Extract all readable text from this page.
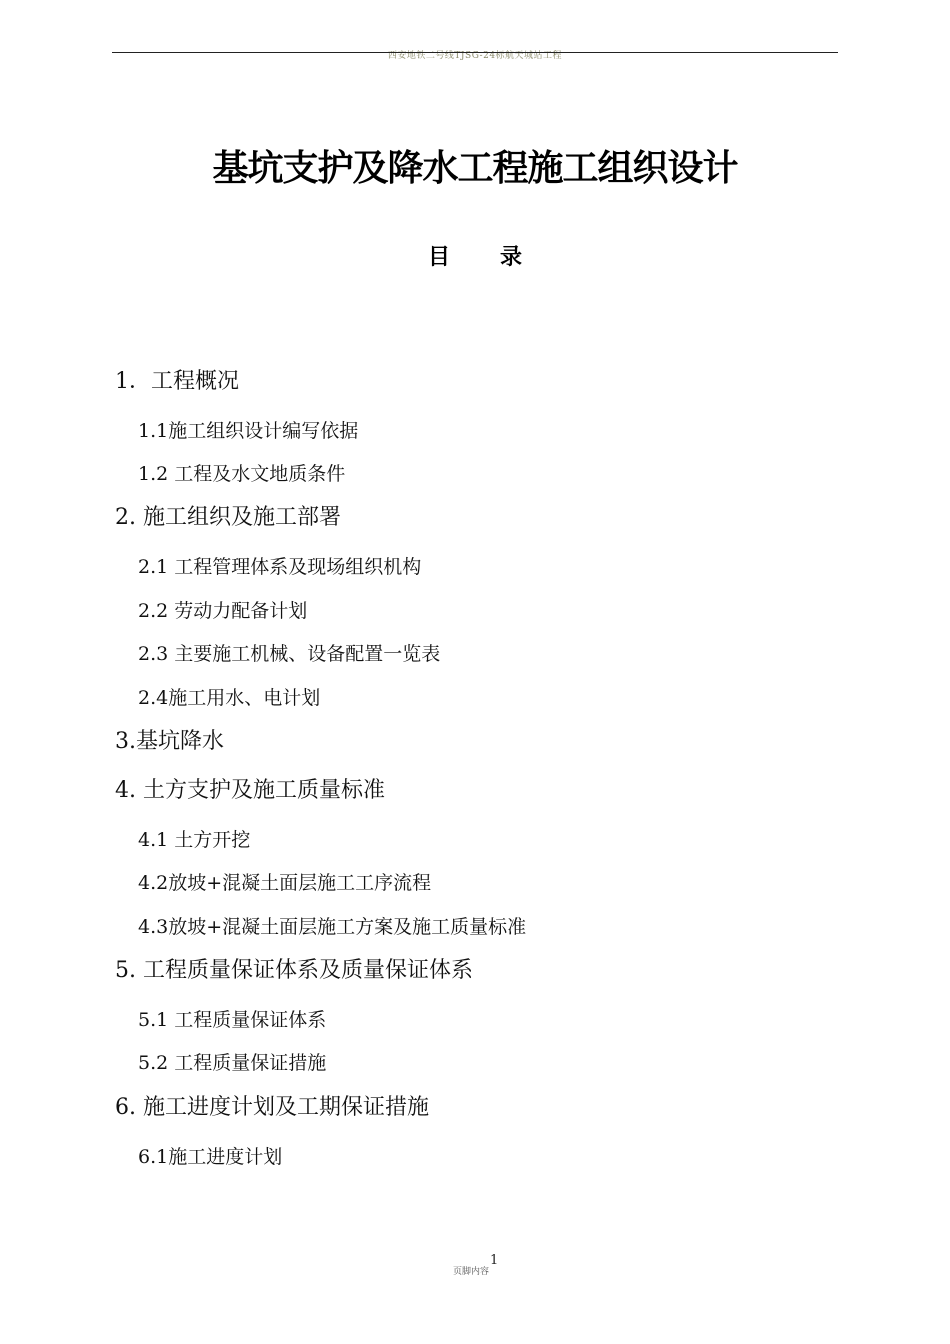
西安地铁二号线TJSG-24标航天城站工程
基坑支护及降水工程施工组织设计
目 录
1．工程概况
1.1施工组织设计编写依据
1.2 工程及水文地质条件
2. 施工组织及施工部署
2.1 工程管理体系及现场组织机构
2.2 劳动力配备计划
2.3 主要施工机械、设备配置一览表
2.4施工用水、电计划
3.基坑降水
4. 土方支护及施工质量标准
4.1 土方开挖
4.2放坡+混凝土面层施工工序流程
4.3放坡+混凝土面层施工方案及施工质量标准
5. 工程质量保证体系及质量保证体系
5.1 工程质量保证体系
5.2 工程质量保证措施
6. 施工进度计划及工期保证措施
6.1施工进度计划
页脚内容
1
